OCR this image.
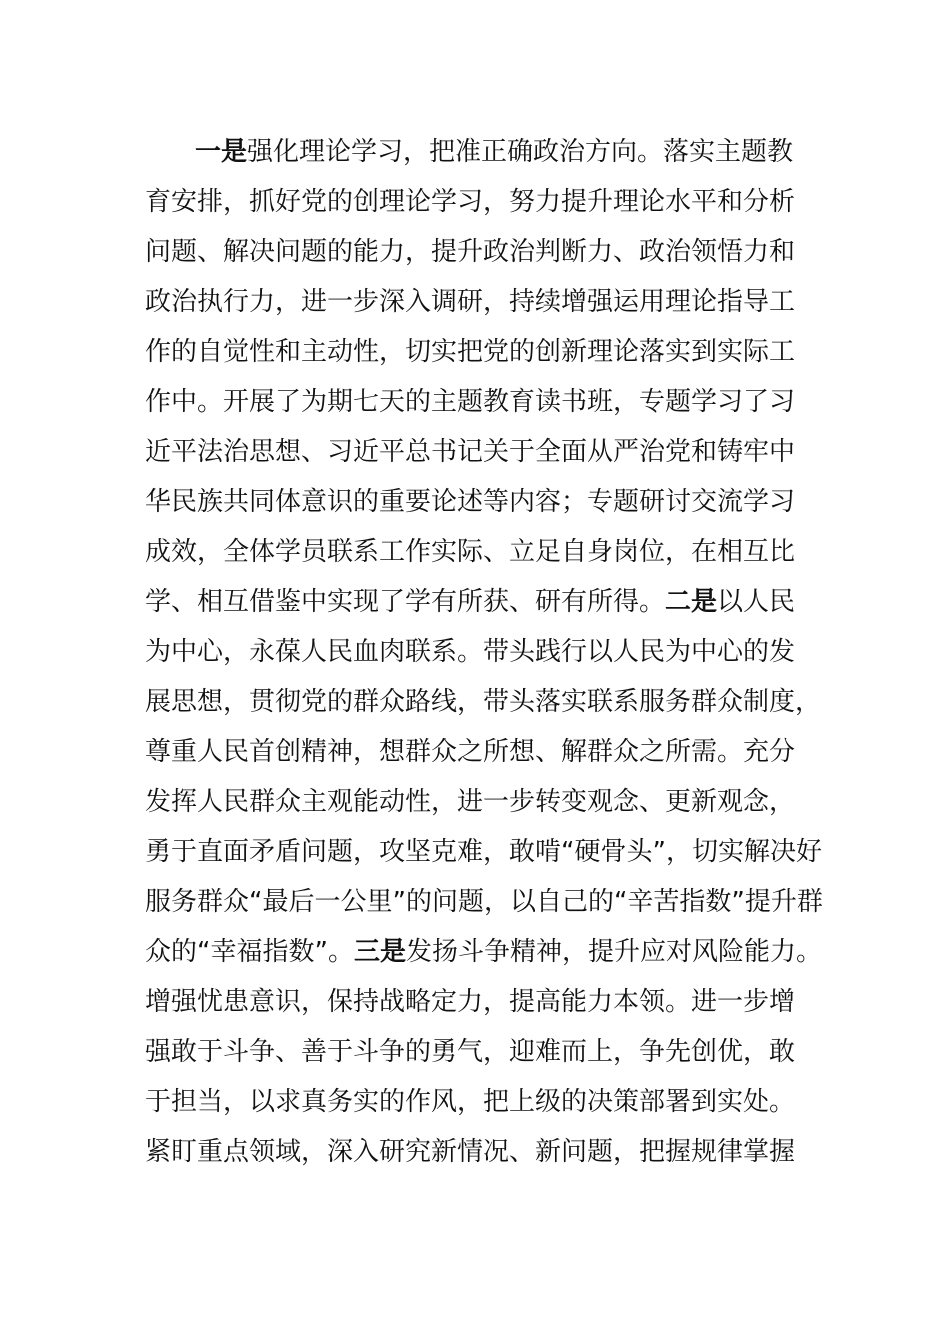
一是强化理论学习，把准正确政治方向。落实主题教
育安排，抓好党的创理论学习，努力提升理论水平和分析
问题、解决问题的能力，提升政治判断力、政治领悟力和
政治执行力，进一步深入调研，持续增强运用理论指导工
作的自觉性和主动性，切实把党的创新理论落实到实际工
作中。开展了为期七天的主题教育读书班，专题学习了习
近平法治思想、习近平总书记关于全面从严治党和铸牢中
华民族共同体意识的重要论述等内容；专题研讨交流学习
成效，全体学员联系工作实际、立足自身岗位，在相互比
学、相互借鉴中实现了学有所获、研有所得。二是以人民
为中心，永葆人民血肉联系。带头践行以人民为中心的发
展思想，贯彻党的群众路线，带头落实联系服务群众制度，
尊重人民首创精神，想群众之所想、解群众之所需。充分
发挥人民群众主观能动性，进一步转变观念、更新观念，
勇于直面矛盾问题，攻坚克难，敢啃“硬骨头”，切实解决好
服务群众“最后一公里”的问题，以自己的“辛苦指数”提升群
众的“幸福指数”。三是发扬斗争精神，提升应对风险能力。
增强忧患意识，保持战略定力，提高能力本领。进一步增
强敢于斗争、善于斗争的勇气，迎难而上，争先创优，敢
于担当，以求真务实的作风，把上级的决策部署到实处。
紧盯重点领域，深入研究新情况、新问题，把握规律掌握
